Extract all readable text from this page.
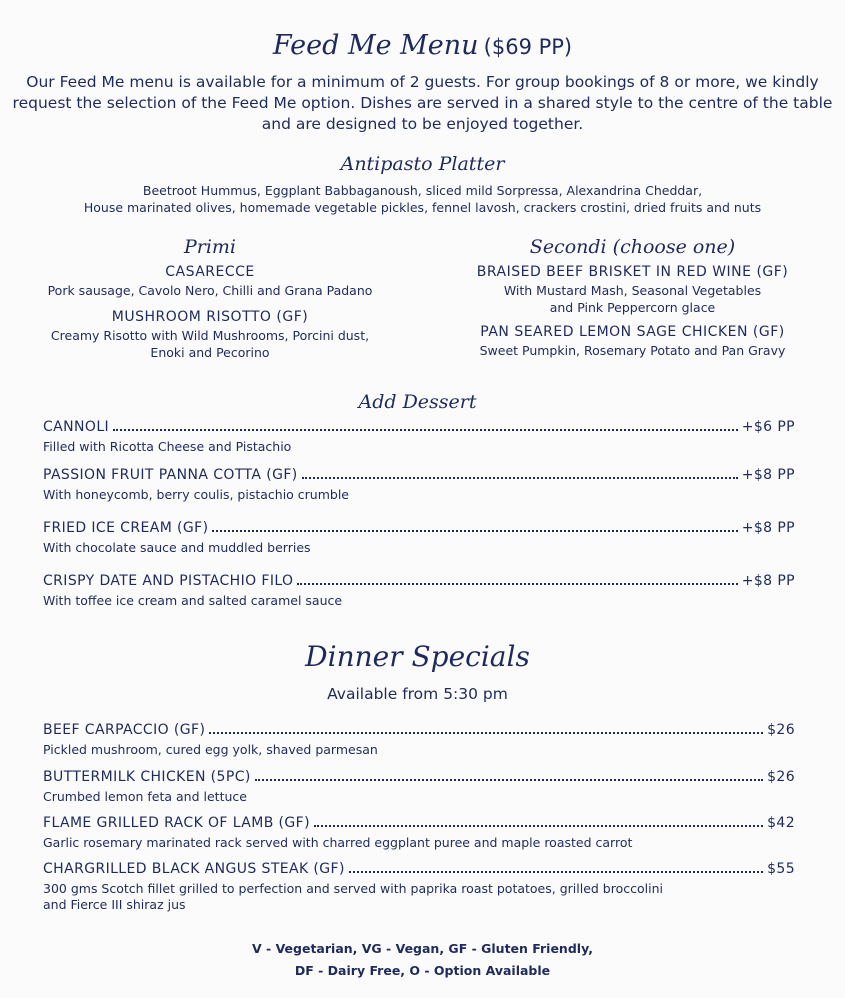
Feed Me Menu ($69 PP)
Our Feed Me menu is available for a minimum of 2 guests. For group bookings of 8 or more, we kindly request the selection of the Feed Me option. Dishes are served in a shared style to the centre of the table and are designed to be enjoyed together.
Antipasto Platter
Beetroot Hummus, Eggplant Babbaganoush, sliced mild Sorpressa, Alexandrina Cheddar,
House marinated olives, homemade vegetable pickles, fennel lavosh, crackers crostini, dried fruits and nuts
Primi
CASARECCE
Pork sausage, Cavolo Nero, Chilli and Grana Padano
MUSHROOM RISOTTO (GF)
Creamy Risotto with Wild Mushrooms, Porcini dust,
Enoki and Pecorino
Secondi (choose one)
BRAISED BEEF BRISKET IN RED WINE (GF)
With Mustard Mash, Seasonal Vegetables
and Pink Peppercorn glace
PAN SEARED LEMON SAGE CHICKEN (GF)
Sweet Pumpkin, Rosemary Potato and Pan Gravy
Add Dessert
CANNOLI	+$6 PP
Filled with Ricotta Cheese and Pistachio
PASSION FRUIT PANNA COTTA (GF)	+$8 PP
With honeycomb, berry coulis, pistachio crumble
FRIED ICE CREAM (GF)	+$8 PP
With chocolate sauce and muddled berries
CRISPY DATE AND PISTACHIO FILO	+$8 PP
With toffee ice cream and salted caramel sauce
Dinner Specials
Available from 5:30 pm
BEEF CARPACCIO (GF)	$26
Pickled mushroom, cured egg yolk, shaved parmesan
BUTTERMILK CHICKEN (5PC)	$26
Crumbed lemon feta and lettuce
FLAME GRILLED RACK OF LAMB (GF)	$42
Garlic rosemary marinated rack served with charred eggplant puree and maple roasted carrot
CHARGRILLED BLACK ANGUS STEAK (GF)	$55
300 gms Scotch fillet grilled to perfection and served with paprika roast potatoes, grilled broccolini
and Fierce III shiraz jus
V - Vegetarian, VG - Vegan, GF - Gluten Friendly,
DF - Dairy Free, O - Option Available
